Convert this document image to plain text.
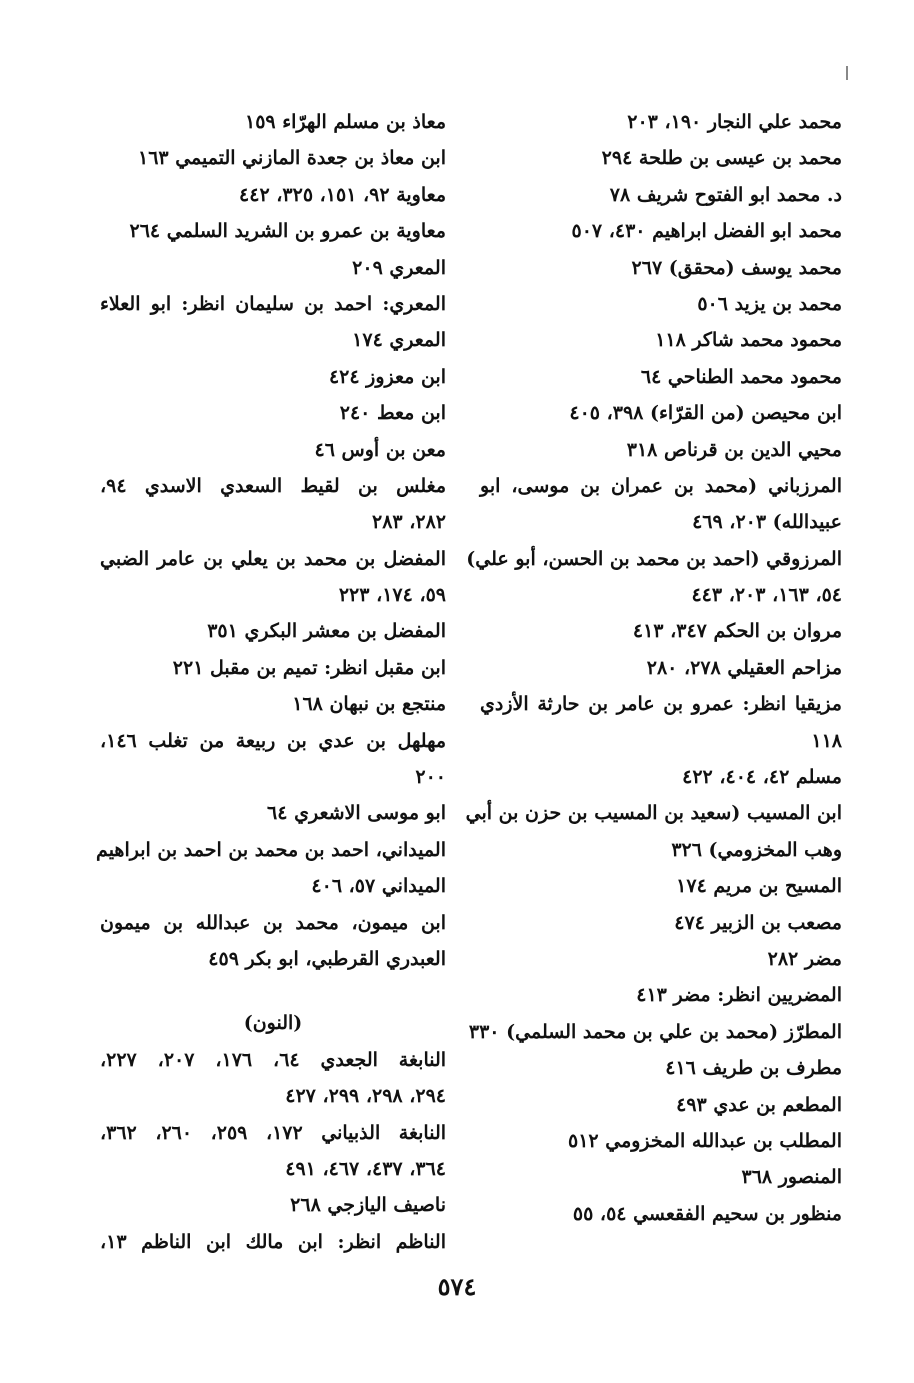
محمد علي النجار ١٩٠، ٢٠٣
محمد بن عيسى بن طلحة ٢٩٤
د. محمد ابو الفتوح شريف ٧٨
محمد ابو الفضل ابراهيم ٤٣٠، ٥٠٧
محمد يوسف (محقق) ٢٦٧
محمد بن يزيد ٥٠٦
محمود محمد شاكر ١١٨
محمود محمد الطناحي ٦٤
ابن محيصن (من القرّاء) ٣٩٨، ٤٠٥
محيي الدين بن قرناص ٣١٨
المرزباني (محمد بن عمران بن موسى، ابو
عبيدالله) ٢٠٣، ٤٦٩
المرزوقي (احمد بن محمد بن الحسن، أبو علي)
٥٤، ١٦٣، ٢٠٣، ٤٤٣
مروان بن الحكم ٣٤٧، ٤١٣
مزاحم العقيلي ٢٧٨، ٢٨٠
مزيقيا انظر: عمرو بن عامر بن حارثة الأزدي
١١٨
مسلم ٤٢، ٤٠٤، ٤٢٢
ابن المسيب (سعيد بن المسيب بن حزن بن أبي
وهب المخزومي) ٣٢٦
المسيح بن مريم ١٧٤
مصعب بن الزبير ٤٧٤
مضر ٢٨٢
المضريين انظر: مضر ٤١٣
المطرّز (محمد بن علي بن محمد السلمي) ٣٣٠
مطرف بن طريف ٤١٦
المطعم بن عدي ٤٩٣
المطلب بن عبدالله المخزومي ٥١٢
المنصور ٣٦٨
منظور بن سحيم الفقعسي ٥٤، ٥٥
معاذ بن مسلم الهرّاء ١٥٩
ابن معاذ بن جعدة المازني التميمي ١٦٣
معاوية ٩٢، ١٥١، ٣٢٥، ٤٤٢
معاوية بن عمرو بن الشريد السلمي ٢٦٤
المعري ٢٠٩
المعري: احمد بن سليمان انظر: ابو العلاء
المعري ١٧٤
ابن معزوز ٤٢٤
ابن معط ٢٤٠
معن بن أوس ٤٦
مغلس بن لقيط السعدي الاسدي ٩٤،
٢٨٢، ٢٨٣
المفضل بن محمد بن يعلي بن عامر الضبي
٥٩، ١٧٤، ٢٢٣
المفضل بن معشر البكري ٣٥١
ابن مقبل انظر: تميم بن مقبل ٢٢١
منتجع بن نبهان ١٦٨
مهلهل بن عدي بن ربيعة من تغلب ١٤٦،
٢٠٠
ابو موسى الاشعري ٦٤
الميداني، احمد بن محمد بن احمد بن ابراهيم
الميداني ٥٧، ٤٠٦
ابن ميمون، محمد بن عبدالله بن ميمون
العبدري القرطبي، ابو بكر ٤٥٩
(النون)
النابغة الجعدي ٦٤، ١٧٦، ٢٠٧، ٢٢٧،
٢٩٤، ٢٩٨، ٢٩٩، ٤٢٧
النابغة الذبياني ١٧٢، ٢٥٩، ٢٦٠، ٣٦٢،
٣٦٤، ٤٣٧، ٤٦٧، ٤٩١
ناصيف اليازجي ٢٦٨
الناظم انظر: ابن مالك ابن الناظم ١٣،
٥٧٤
